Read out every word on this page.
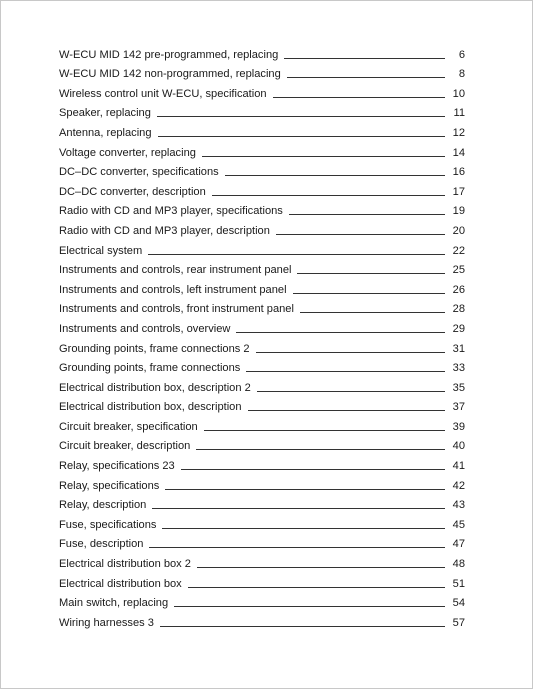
W-ECU MID 142 pre-programmed, replacing	6
W-ECU MID 142 non-programmed, replacing	8
Wireless control unit W-ECU, specification	10
Speaker, replacing	11
Antenna, replacing	12
Voltage converter, replacing	14
DC–DC converter, specifications	16
DC–DC converter, description	17
Radio with CD and MP3 player, specifications	19
Radio with CD and MP3 player, description	20
Electrical system	22
Instruments and controls, rear instrument panel	25
Instruments and controls, left instrument panel	26
Instruments and controls, front instrument panel	28
Instruments and controls, overview	29
Grounding points, frame connections 2	31
Grounding points, frame connections	33
Electrical distribution box, description 2	35
Electrical distribution box, description	37
Circuit breaker, specification	39
Circuit breaker, description	40
Relay, specifications 23	41
Relay, specifications	42
Relay, description	43
Fuse, specifications	45
Fuse, description	47
Electrical distribution box 2	48
Electrical distribution box	51
Main switch, replacing	54
Wiring harnesses 3	57
